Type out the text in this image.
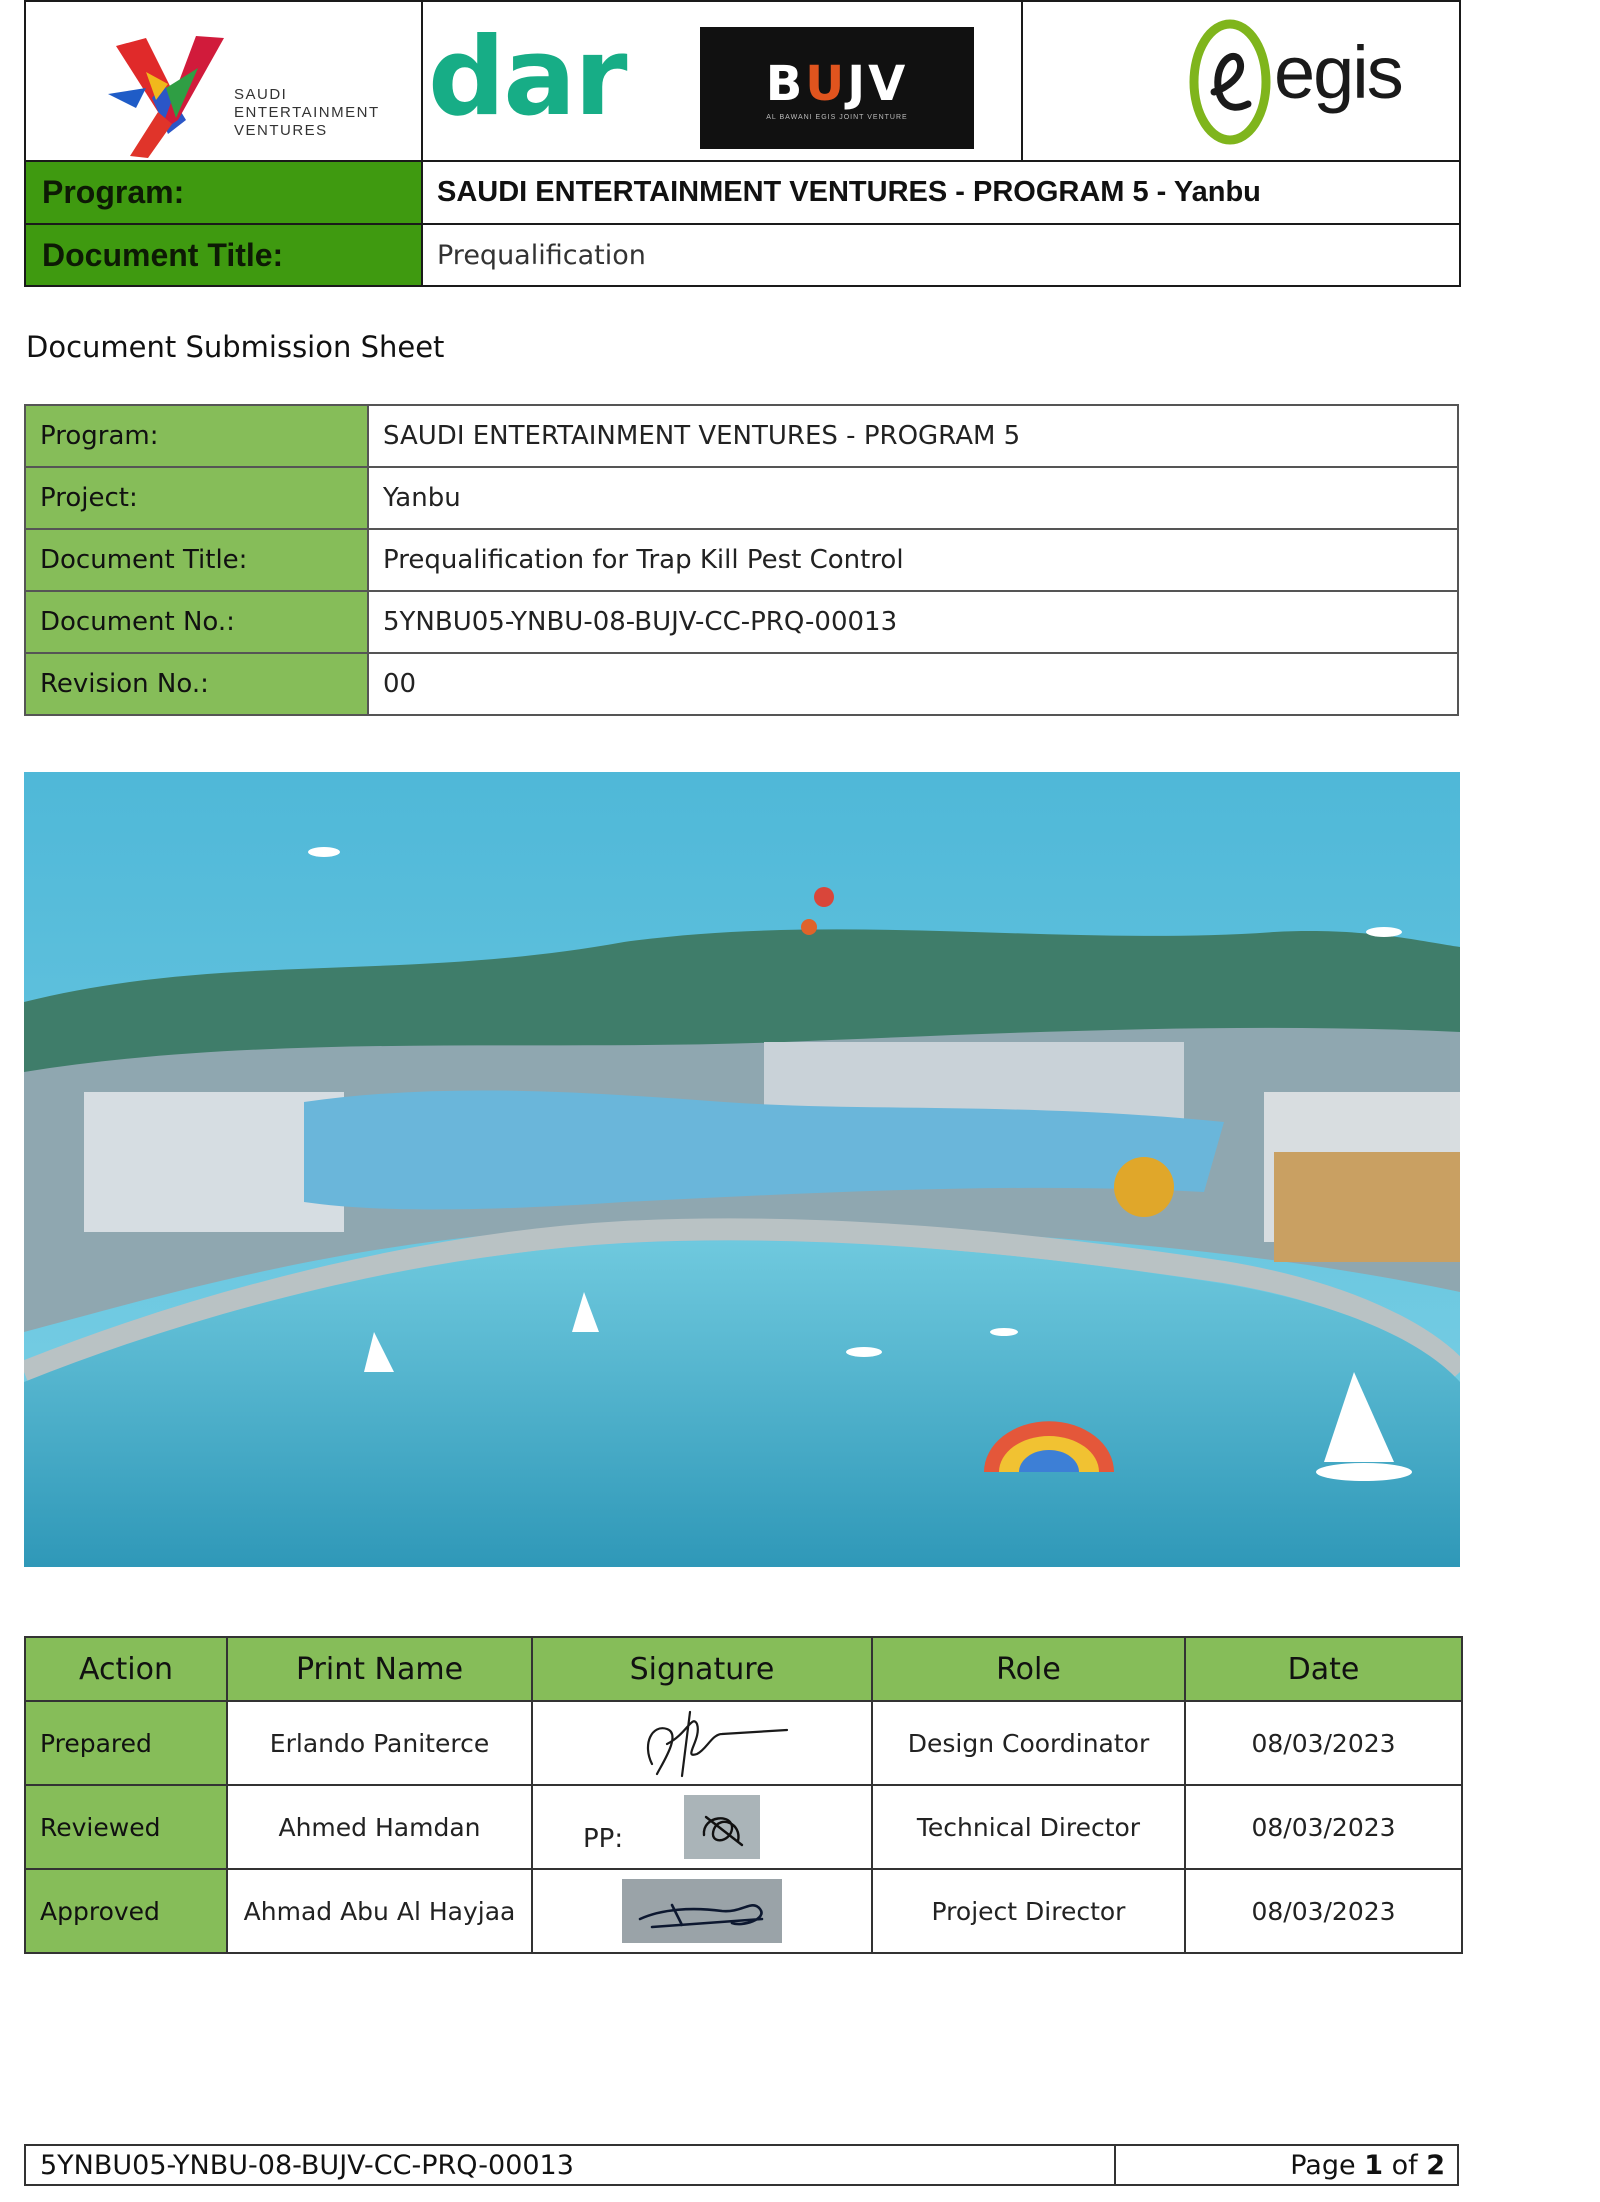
SAUDI
ENTERTAINMENT
VENTURES dar	BUJV
AL BAWANI EGIS JOINT VENTURE
egis
Program:	SAUDI ENTERTAINMENT VENTURES - PROGRAM 5 - Yanbu
Document Title:	Prequalification
Document Submission Sheet
Program:	SAUDI ENTERTAINMENT VENTURES - PROGRAM 5
Project:	Yanbu
Document Title:	Prequalification for Trap Kill Pest Control
Document No.:	5YNBU05-YNBU-08-BUJV-CC-PRQ-00013
Revision No.:	00
Action	Print Name	Signature	Role	Date
Prepared	Erlando Paniterce		Design Coordinator	08/03/2023
Reviewed	Ahmed Hamdan	PP:	Technical Director	08/03/2023
Approved	Ahmad Abu Al Hayjaa		Project Director	08/03/2023
5YNBU05-YNBU-08-BUJV-CC-PRQ-00013	Page 1 of 2
